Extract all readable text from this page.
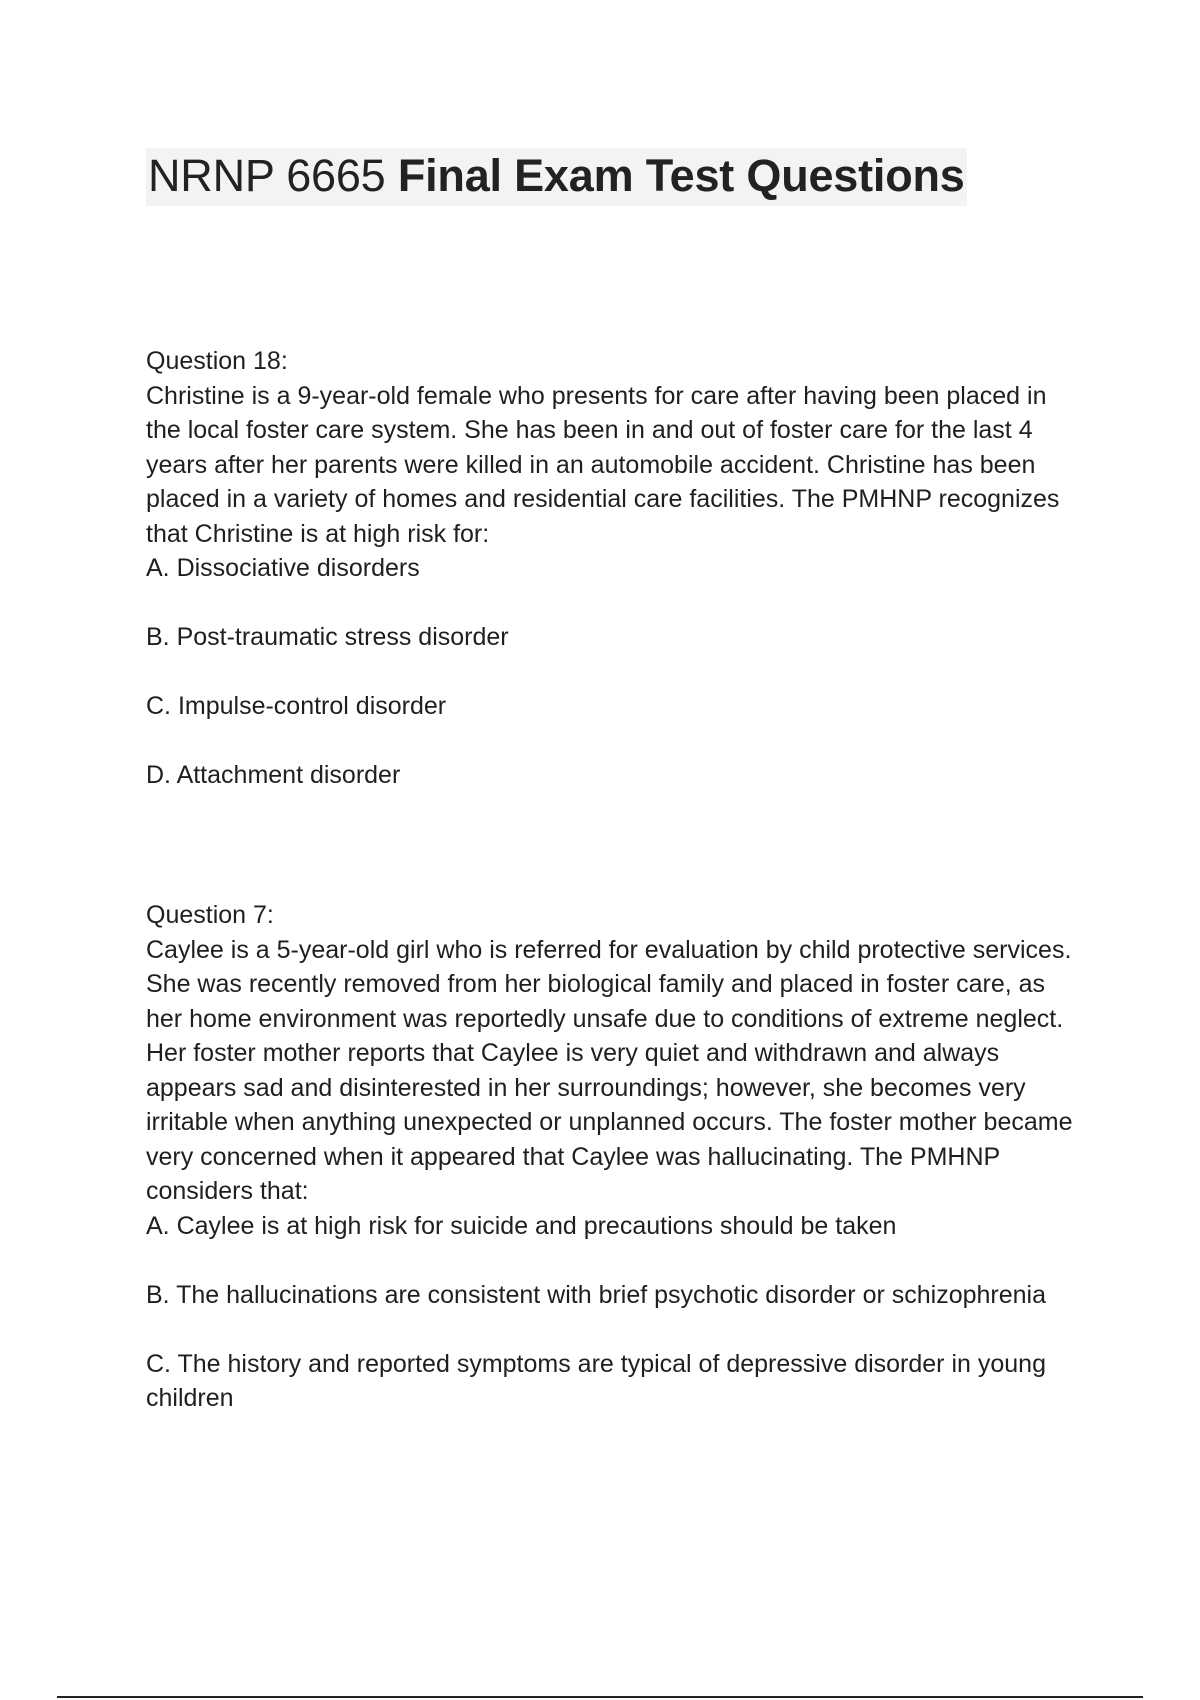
NRNP 6665 Final Exam Test Questions

Question 18:

Christine is a 9-year-old female who presents for care after having been placed in the local foster care system. She has been in and out of foster care for the last 4 years after her parents were killed in an automobile accident. Christine has been placed in a variety of homes and residential care facilities. The PMHNP recognizes that Christine is at high risk for:

A. Dissociative disorders
B. Post-traumatic stress disorder
C. Impulse-control disorder
D. Attachment disorder

Question 7:

Caylee is a 5-year-old girl who is referred for evaluation by child protective services. She was recently removed from her biological family and placed in foster care, as her home environment was reportedly unsafe due to conditions of extreme neglect. Her foster mother reports that Caylee is very quiet and withdrawn and always appears sad and disinterested in her surroundings; however, she becomes very irritable when anything unexpected or unplanned occurs. The foster mother became very concerned when it appeared that Caylee was hallucinating. The PMHNP considers that:

A. Caylee is at high risk for suicide and precautions should be taken
B. The hallucinations are consistent with brief psychotic disorder or schizophrenia
C. The history and reported symptoms are typical of depressive disorder in young children
